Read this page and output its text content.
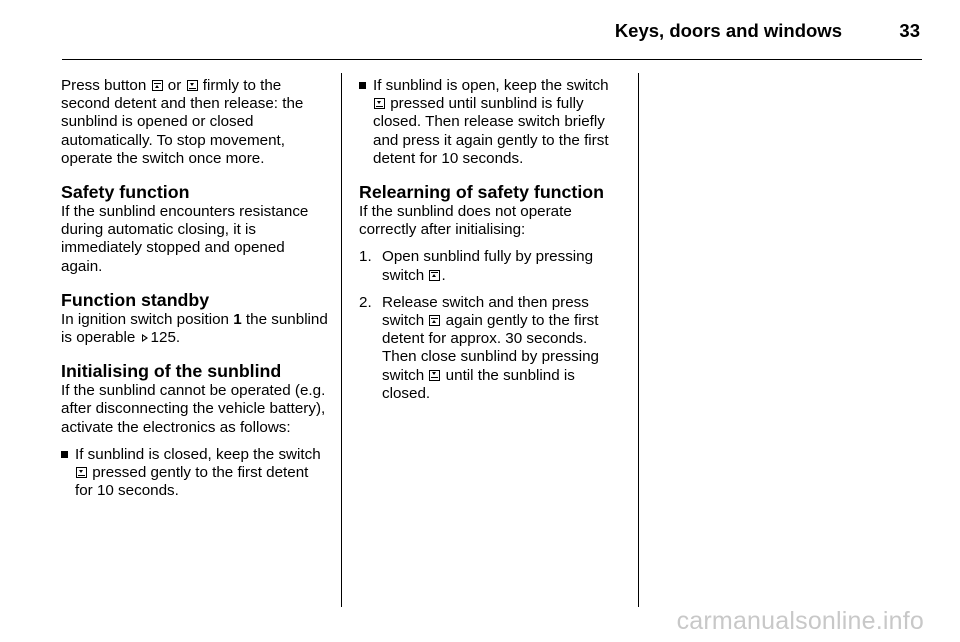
Keys, doors and windows	33

Press button or firmly to the second detent and then release: the sunblind is opened or closed automatically. To stop movement, operate the switch once more.

Safety function

If the sunblind encounters resistance during automatic closing, it is immediately stopped and opened again.

Function standby

In ignition switch position 1 the sunblind is operable 125.

Initialising of the sunblind

If the sunblind cannot be operated (e.g. after disconnecting the vehicle battery), activate the electronics as follows:

If sunblind is closed, keep the switch  pressed gently to the first detent for 10 seconds.

If sunblind is open, keep the switch  pressed until sunblind is fully closed. Then release switch briefly and press it again gently to the first detent for 10 seconds.

Relearning of safety function

If the sunblind does not operate correctly after initialising:

1. Open sunblind fully by pressing switch .

2. Release switch and then press switch again gently to the first detent for approx. 30 seconds. Then close sunblind by pressing switch until the sunblind is closed.

carmanualsonline.info
